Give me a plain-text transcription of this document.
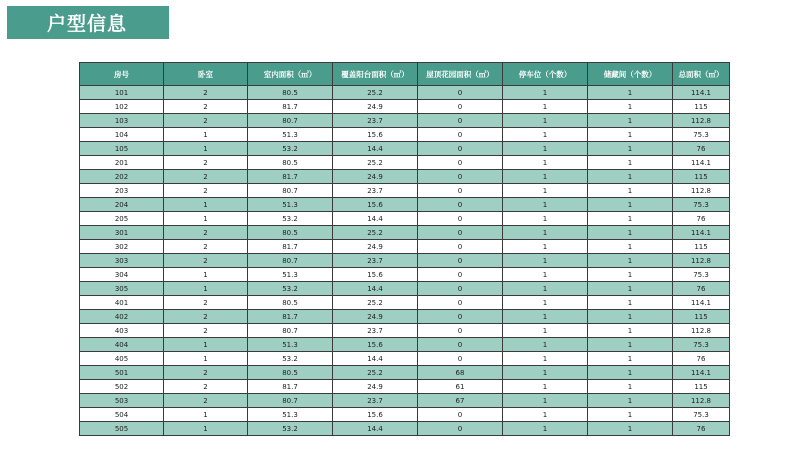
户型信息
房号	卧室	室内面积（㎡）	覆盖阳台面积（㎡）	屋顶花园面积（㎡）	停车位（个数）	储藏间（个数）	总面积（㎡）
101	2	80.5	25.2	0	1	1	114.1
102	2	81.7	24.9	0	1	1	115
103	2	80.7	23.7	0	1	1	112.8
104	1	51.3	15.6	0	1	1	75.3
105	1	53.2	14.4	0	1	1	76
201	2	80.5	25.2	0	1	1	114.1
202	2	81.7	24.9	0	1	1	115
203	2	80.7	23.7	0	1	1	112.8
204	1	51.3	15.6	0	1	1	75.3
205	1	53.2	14.4	0	1	1	76
301	2	80.5	25.2	0	1	1	114.1
302	2	81.7	24.9	0	1	1	115
303	2	80.7	23.7	0	1	1	112.8
304	1	51.3	15.6	0	1	1	75.3
305	1	53.2	14.4	0	1	1	76
401	2	80.5	25.2	0	1	1	114.1
402	2	81.7	24.9	0	1	1	115
403	2	80.7	23.7	0	1	1	112.8
404	1	51.3	15.6	0	1	1	75.3
405	1	53.2	14.4	0	1	1	76
501	2	80.5	25.2	68	1	1	114.1
502	2	81.7	24.9	61	1	1	115
503	2	80.7	23.7	67	1	1	112.8
504	1	51.3	15.6	0	1	1	75.3
505	1	53.2	14.4	0	1	1	76
